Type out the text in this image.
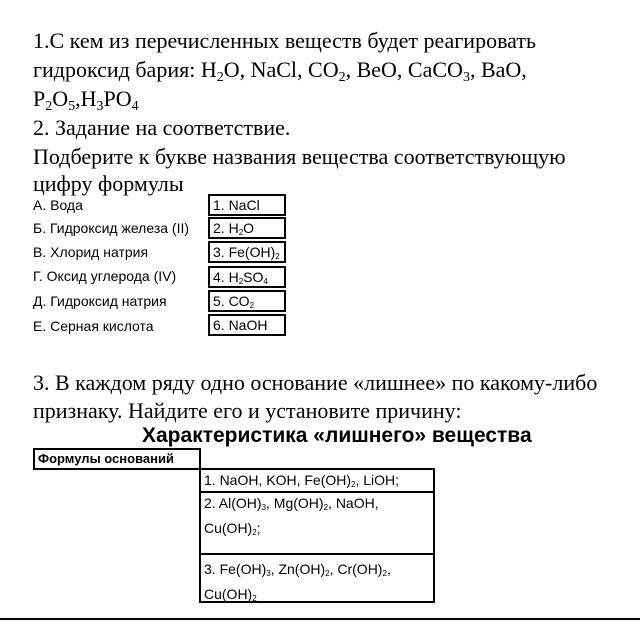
1.С кем из перечисленных веществ будет реагировать
гидроксид бария: H2O, NaCl, CO2, BeO, CaCO3, BaO,
P2O5,H3PO4
2. Задание на соответствие.
Подберите к букве названия вещества соответствующую
цифру формулы
А. Вода
Б. Гидроксид железа (II)
В. Хлорид натрия
Г. Оксид углерода (IV)
Д. Гидроксид натрия
Е. Серная кислота
1. NaCl
2. $H_2O$
3. $Fe(OH)_2$
4. $H_2SO_4$
5. $CO_2$
6. NaOH
3. В каждом ряду одно основание «лишнее» по какому-либо
признаку. Найдите его и установите причину:
Характеристика «лишнего» вещества
Формулы оснований
1. NaOH, KOH, $Fe(OH)_2$, LiOH;
2. $Al(OH)_3$, $Mg(OH)_2$, NaOH,
$Cu(OH)_2$;
3. $Fe(OH)_3$, $Zn(OH)_2$, $Cr(OH)_2$,
$Cu(OH)_2$
